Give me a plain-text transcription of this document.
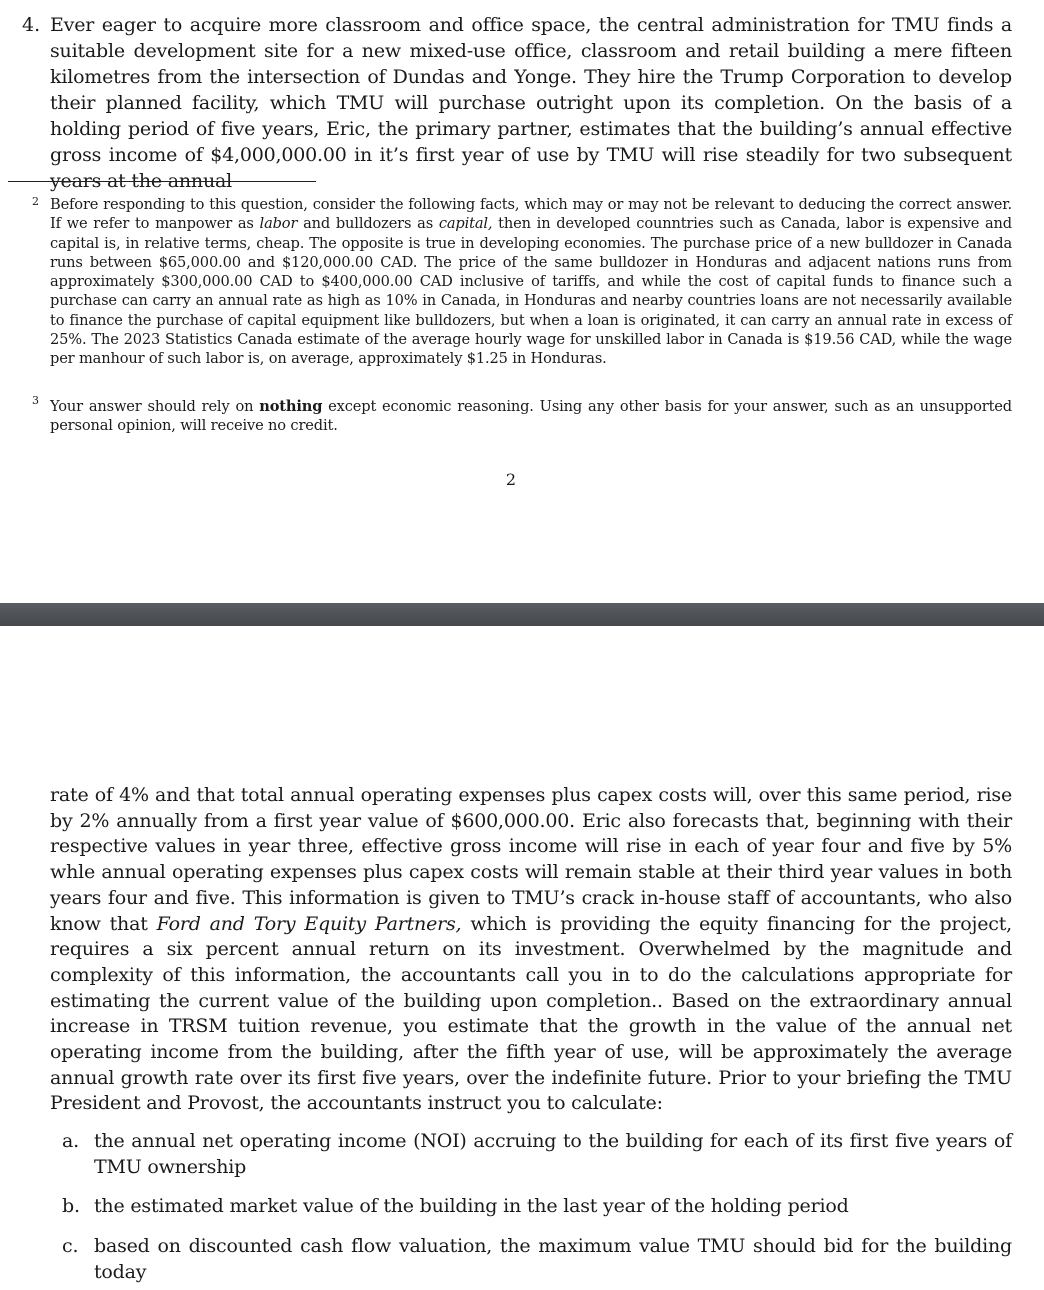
4. Ever eager to acquire more classroom and office space, the central administration for TMU finds a suitable development site for a new mixed-use office, classroom and retail building a mere fifteen kilometres from the intersection of Dundas and Yonge. They hire the Trump Corporation to develop their planned facility, which TMU will purchase outright upon its completion. On the basis of a holding period of five years, Eric, the primary partner, estimates that the building’s annual effective gross income of $4,000,000.00 in it’s first year of use by TMU will rise steadily for two subsequent years at the annual
2 Before responding to this question, consider the following facts, which may or may not be relevant to deducing the correct answer. If we refer to manpower as labor and bulldozers as capital, then in developed counntries such as Canada, labor is expensive and capital is, in relative terms, cheap. The opposite is true in developing economies. The purchase price of a new bulldozer in Canada runs between $65,000.00 and $120,000.00 CAD. The price of the same bulldozer in Honduras and adjacent nations runs from approximately $300,000.00 CAD to $400,000.00 CAD inclusive of tariffs, and while the cost of capital funds to finance such a purchase can carry an annual rate as high as 10% in Canada, in Honduras and nearby countries loans are not necessarily available to finance the purchase of capital equipment like bulldozers, but when a loan is originated, it can carry an annual rate in excess of 25%. The 2023 Statistics Canada estimate of the average hourly wage for unskilled labor in Canada is $19.56 CAD, while the wage per manhour of such labor is, on average, approximately $1.25 in Honduras.
3 Your answer should rely on nothing except economic reasoning. Using any other basis for your answer, such as an unsupported personal opinion, will receive no credit.
2
rate of 4% and that total annual operating expenses plus capex costs will, over this same period, rise by 2% annually from a first year value of $600,000.00. Eric also forecasts that, beginning with their respective values in year three, effective gross income will rise in each of year four and five by 5% whle annual operating expenses plus capex costs will remain stable at their third year values in both years four and five. This information is given to TMU’s crack in-house staff of accountants, who also know that Ford and Tory Equity Partners, which is providing the equity financing for the project, requires a six percent annual return on its investment. Overwhelmed by the magnitude and complexity of this information, the accountants call you in to do the calculations appropriate for estimating the current value of the building upon completion.. Based on the extraordinary annual increase in TRSM tuition revenue, you estimate that the growth in the value of the annual net operating income from the building, after the fifth year of use, will be approximately the average annual growth rate over its first five years, over the indefinite future. Prior to your briefing the TMU President and Provost, the accountants instruct you to calculate:
a. the annual net operating income (NOI) accruing to the building for each of its first five years of TMU ownership
b. the estimated market value of the building in the last year of the holding period
c. based on discounted cash flow valuation, the maximum value TMU should bid for the building today
